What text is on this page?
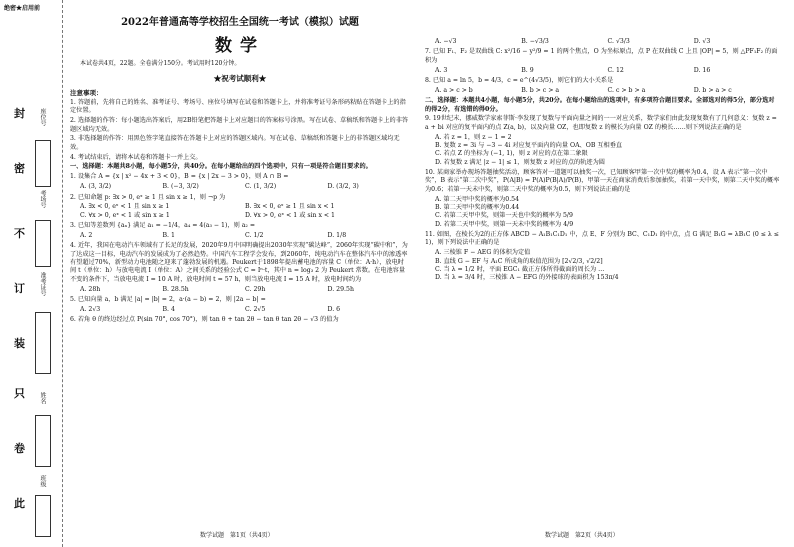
绝密★启用前
封
密
不
订
装
只
卷
此
座位号
考场号
准考证号
姓名
班级
2022年普通高等学校招生全国统一考试（模拟）试题
数学

本试卷共4页，22题。全卷满分150分。考试用时120分钟。

★祝考试顺利★

注意事项：

1. 答题前，先将自己的姓名、准考证号、考场号、座位号填写在试卷和答题卡上，并将准考证号条形码粘贴在答题卡上的指定位置。

2. 选择题的作答：每小题选出答案后，用2B铅笔把答题卡上对应题目的答案标号涂黑。写在试卷、草稿纸和答题卡上的非答题区域均无效。

3. 非选择题的作答：用黑色签字笔直接答在答题卡上对应的答题区域内。写在试卷、草稿纸和答题卡上的非答题区域均无效。

4. 考试结束后，请将本试卷和答题卡一并上交。

一、选择题：本题共8小题，每小题5分，共40分。在每小题给出的四个选项中，只有一项是符合题目要求的。

1. 设集合 A = {x | x² − 4x + 3 < 0}，B = {x | 2x − 3 > 0}，则 A ∩ B =

A. (3, 3/2)	B. (−3, 3/2)	C. (1, 3/2)	D. (3/2, 3)

2. 已知命题 p: ∃x > 0, eˣ ≥ 1 且 sin x ≥ 1，则 ¬p 为

A. ∃x < 0, eˣ < 1 且 sin x ≥ 1	B. ∃x < 0, eˣ ≥ 1 且 sin x < 1
C. ∀x > 0, eˣ < 1 或 sin x ≥ 1	D. ∀x > 0, eˣ < 1 或 sin x < 1

3. 已知等差数列 {aₙ} 满足 a₁ = −1/4，a₄ = 4(a₃ − 1)，则 a₂ =

A. 2	B. 1	C. 1/2	D. 1/8

4. 近年，我国在电动汽车领域有了长足的发展，2020年9月中国明确提出2030年实现“碳达峰”，2060年实现“碳中和”，为了达成这一目标，电动汽车的发展成为了必然趋势。中国汽车工程学会发布，到2060年，纯电动汽车在整体汽车中的渗透率有望超过70%，新型动力电池随之迎来了蓬勃发展的机遇。Peukert于1898年提出蓄电池的容量 C（单位：A·h），放电时间 t（单位：h）与放电电流 I（单位：A）之间关系的经验公式 C = Iⁿ·t，其中 n = log₃ 2 为 Peukert 常数。在电池容量不变的条件下，当放电电流 I = 10 A 时，放电时间 t = 57 h，则当放电电流 I = 15 A 时，放电时间约为

A. 28h	B. 28.5h	C. 29h	D. 29.5h

5. 已知向量 a，b 满足 |a| = |b| = 2，a·(a − b) = 2，则 |2a − b| =

A. 2√3	B. 4	C. 2√5	D. 6

6. 若角 θ 的终边经过点 P(sin 70°, cos 70°)，则 tan θ + tan 2θ − tan θ tan 2θ − √3 的值为

数学试题　第1页（共4页）
A. −√3	B. −√3/3	C. √3/3	D. √3

7. 已知 F₁、F₂ 是双曲线 C: x²/16 − y²/9 = 1 的两个焦点，O 为坐标原点，点 P 在双曲线 C 上且 |OP| = 5，则 △PF₁F₂ 的面积为

A. 3	B. 9	C. 12	D. 16

8. 已知 a = ln 5，b = 4/3，c = e^(4√3/5)，则它们的大小关系是

A. a > c > b	B. b > c > a	C. c > b > a	D. b > a > c

二、选择题：本题共4小题，每小题5分，共20分。在每小题给出的选项中，有多项符合题目要求。全部选对的得5分，部分选对的得2分，有选错的得0分。

9. 19世纪末，挪威数学家索菲斯·李发现了复数与平面向量之间的一一对应关系，数学家们由此发现复数有了几何意义：复数 z = a + bi 对应的复平面内的点 Z(a, b)，以及向量 OZ，也即复数 z 的模长为向量 OZ 的模长……则下列说法正确的是

A. 若 z = 1，则 z − 1 = 2
B. 复数 z = 3i 与 −3 − 4i 对应复平面内的向量 OA、OB 互相垂直
C. 若点 Z 的坐标为 (−1, 1)，则 z 对应的点在第二象限
D. 若复数 z 满足 |z − 1| ≤ 1，则复数 z 对应的点的轨迹为圆

10. 某商家举办现场答题抽奖活动，顾客答对一道题可以抽奖一次，已知顾客甲第一次中奖的概率为0.4，设 A 表示“第一次中奖”，B 表示“第二次中奖”，P(A|B) = P(A)P(B|A)/P(B)，甲第一天在商家消费后参加抽奖，若第一天中奖，则第二天中奖的概率为0.6；若第一天未中奖，则第二天中奖的概率为0.5，则下列说法正确的是

A. 第二天甲中奖的概率为0.54
B. 第二天甲中奖的概率为0.44
C. 若第二天甲中奖，则第一天也中奖的概率为 5/9
D. 若第二天甲中奖，则第一天未中奖的概率为 4/9

11. 如图，在棱长为2的正方体 ABCD − A₁B₁C₁D₁ 中，点 E、F 分别为 BC、C₁D₁ 的中点，点 G 满足 B₁G = λB₁C (0 ≤ λ ≤ 1)，则下列说法中正确的是

A. 三棱锥 F − AEG 的体积为定值
B. 直线 G − EF 与 A₁C 所成角的取值范围为 [2√2/3, √2/2]
C. 当 λ = 1/2 时，平面 EGC₁ 截正方体所得截面的周长为 …
D. 当 λ = 3/4 时，三棱锥 A − EFG 的外接球的表面积为 153π/4
数学试题　第2页（共4页）
